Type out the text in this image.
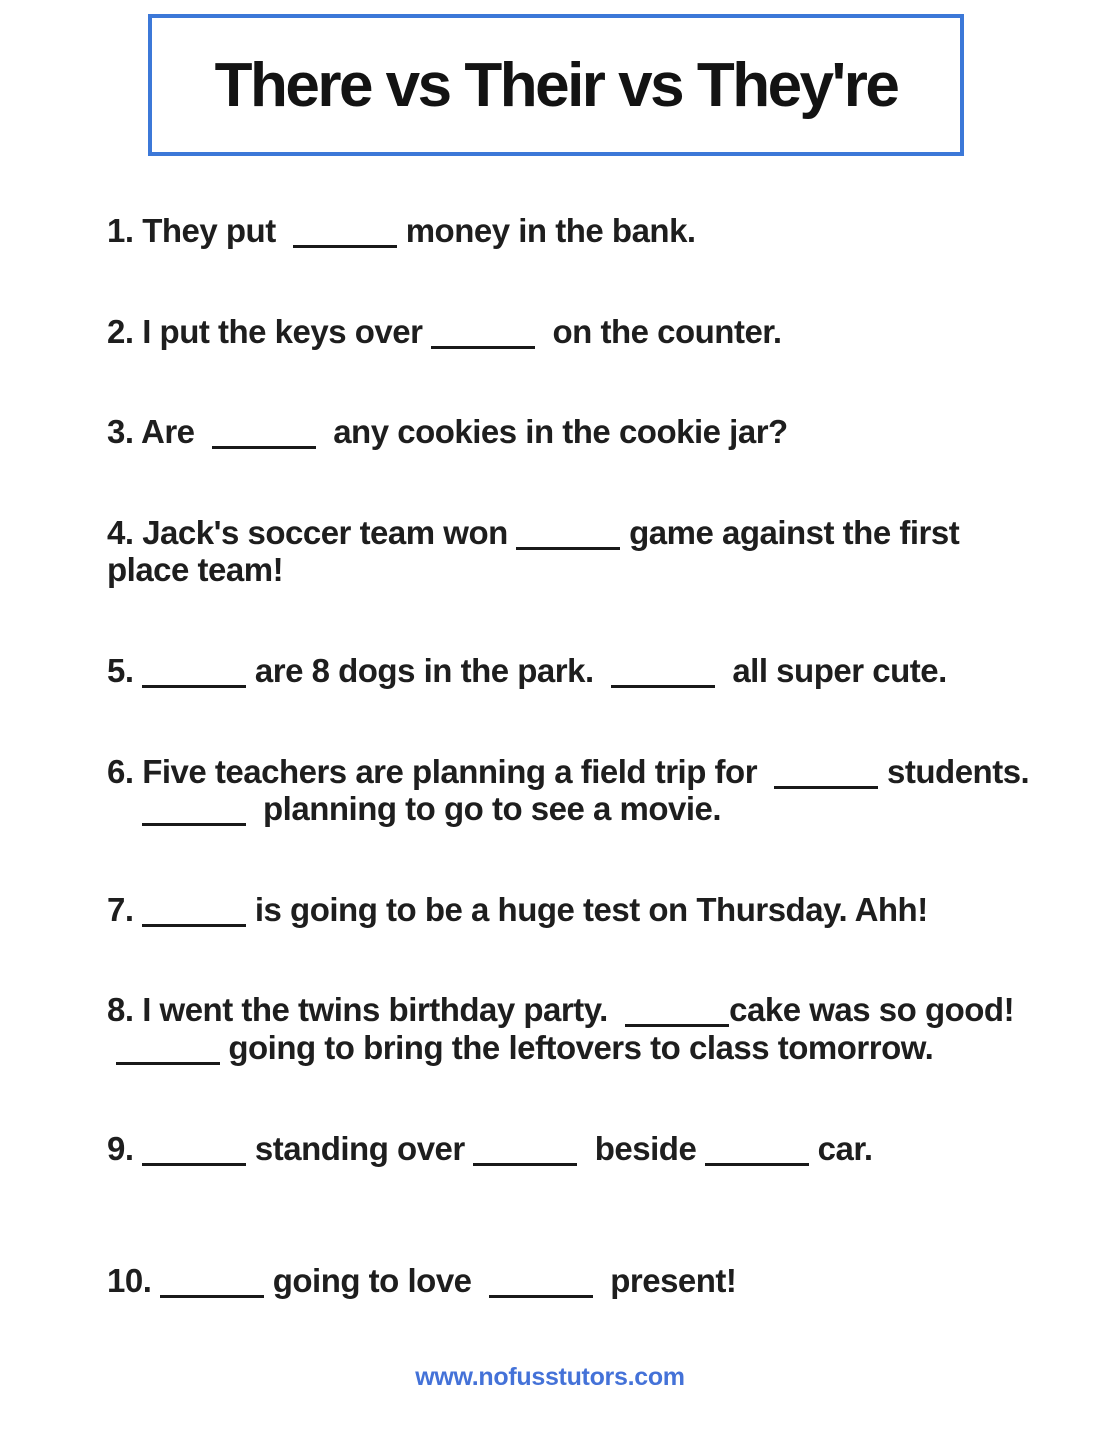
There vs Their vs They're
1. They put	money in the bank.
2. I put the keys over	on the counter.
3. Are	any cookies in the cookie jar?
4. Jack's soccer team won	game against the first
place team!
5.	are 8 dogs in the park.	all super cute.
6. Five teachers are planning a field trip for	students.
planning to go to see a movie.
7.	is going to be a huge test on Thursday. Ahh!
8. I went the twins birthday party.	cake was so good!
going to bring the leftovers to class tomorrow.
9.	standing over	beside	car.
10.	going to love	present!
www.nofusstutors.com
